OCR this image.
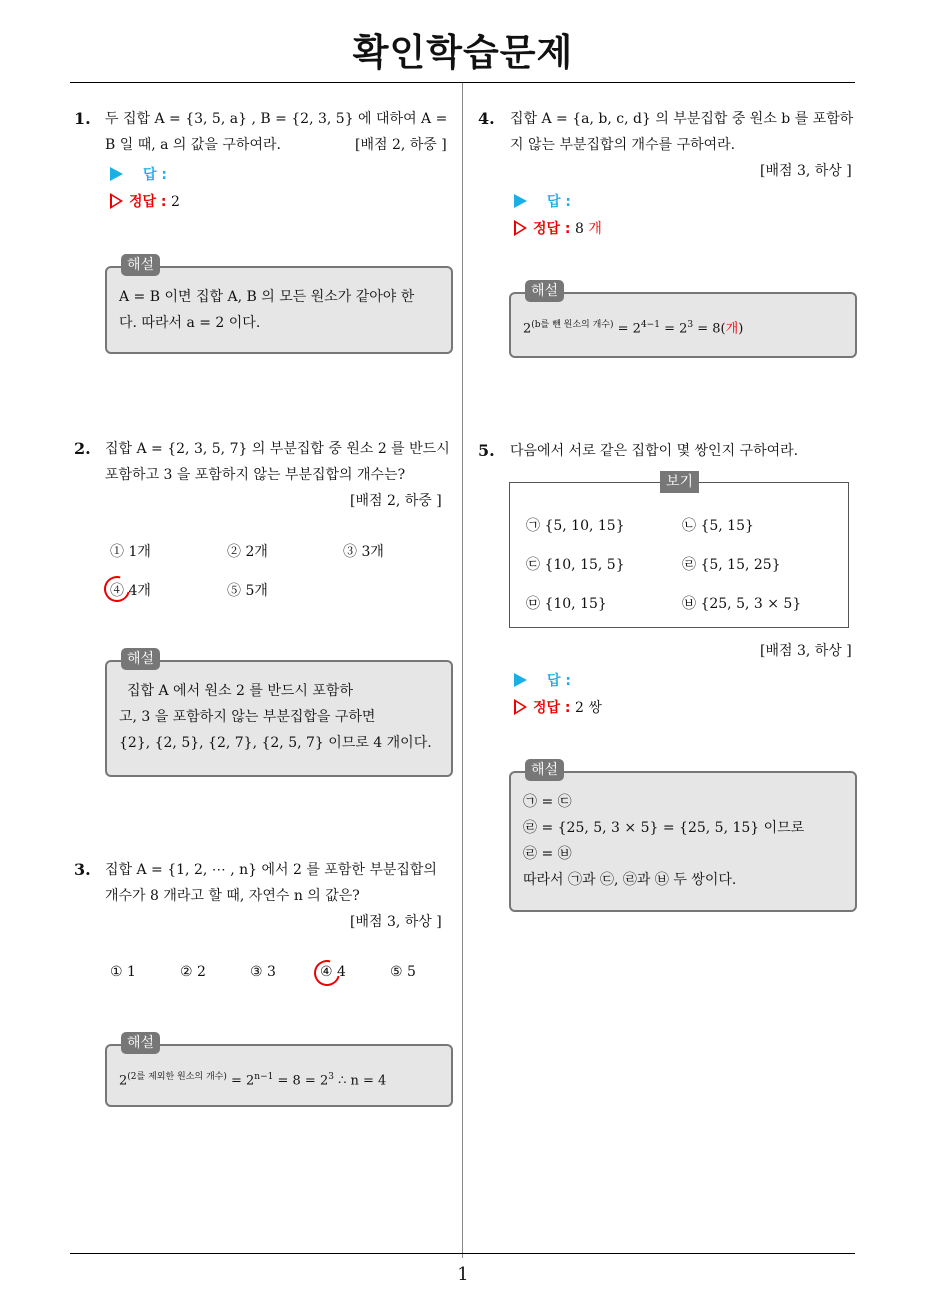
확인학습문제
1. 두 집합 A = {3, 5, a} , B = {2, 3, 5} 에 대하여 A =
B 일 때, a 의 값을 구하여라.	[배점 2, 하중 ]
답 :
정답 : 2
해설
A = B 이면 집합 A, B 의 모든 원소가 같아야 한
다. 따라서 a = 2 이다.
2. 집합 A = {2, 3, 5, 7} 의 부분집합 중 원소 2 를 반드시
포함하고 3 을 포함하지 않는 부분집합의 개수는?
[배점 2, 하중 ]
① 1개	② 2개	③ 3개
④ 4개	⑤ 5개
해설
집합 A 에서 원소 2 를 반드시 포함하
고, 3 을 포함하지 않는 부분집합을 구하면
{2}, {2, 5}, {2, 7}, {2, 5, 7} 이므로 4 개이다.
3. 집합 A = {1, 2, ⋯ , n} 에서 2 를 포함한 부분집합의
개수가 8 개라고 할 때, 자연수 n 의 값은?
[배점 3, 하상 ]
① 1	② 2	③ 3	④ 4	⑤ 5
해설
$2^{(2를 제외한 원소의 개수)} = 2^{n-1} = 8 = 2^3$ ∴ n = 4
4. 집합 A = {a, b, c, d} 의 부분집합 중 원소 b 를 포함하
지 않는 부분집합의 개수를 구하여라.
[배점 3, 하상 ]
답 :
정답 : 8 개
해설
$2^{(b를 뺀 원소의 개수)} = 2^{4-1} = 2^3 = 8$(개)
5. 다음에서 서로 같은 집합이 몇 쌍인지 구하여라.
보기
㉠ {5, 10, 15}	㉡ {5, 15}
㉢ {10, 15, 5}	㉣ {5, 15, 25}
㉤ {10, 15}	㉥ {25, 5, 3 × 5}
[배점 3, 하상 ]
답 :
정답 : 2 쌍
해설
㉠ = ㉢
㉣ = {25, 5, 3 × 5} = {25, 5, 15} 이므로
㉣ = ㉥
따라서 ㉠과 ㉢, ㉣과 ㉥ 두 쌍이다.
1
